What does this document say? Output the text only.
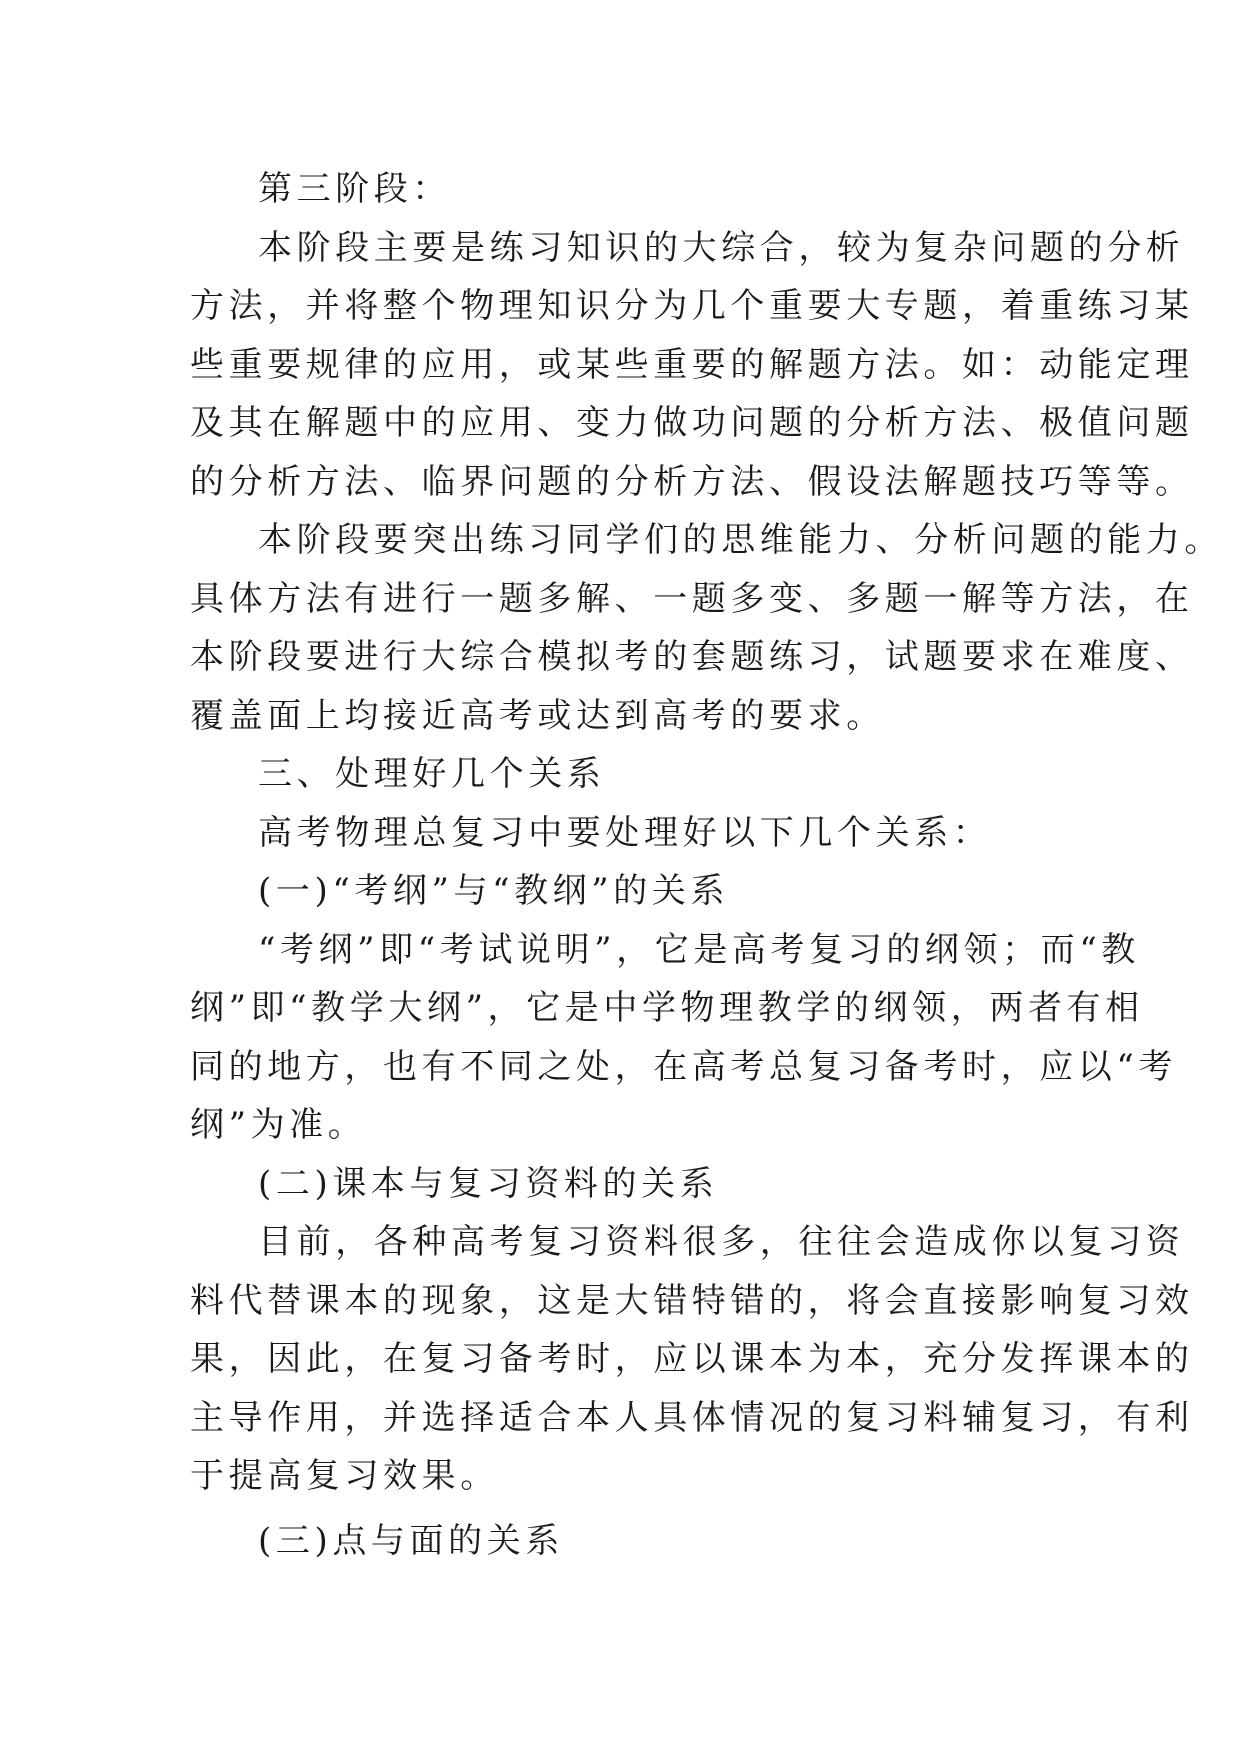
第三阶段：
本阶段主要是练习知识的大综合，较为复杂问题的分析
方法，并将整个物理知识分为几个重要大专题，着重练习某
些重要规律的应用，或某些重要的解题方法。如：动能定理
及其在解题中的应用、变力做功问题的分析方法、极值问题
的分析方法、临界问题的分析方法、假设法解题技巧等等。
本阶段要突出练习同学们的思维能力、分析问题的能力。
具体方法有进行一题多解、一题多变、多题一解等方法，在
本阶段要进行大综合模拟考的套题练习，试题要求在难度、
覆盖面上均接近高考或达到高考的要求。
三、处理好几个关系
高考物理总复习中要处理好以下几个关系：
(一)“考纲”与“教纲”的关系
“考纲”即“考试说明”，它是高考复习的纲领；而“教
纲”即“教学大纲”，它是中学物理教学的纲领，两者有相
同的地方，也有不同之处，在高考总复习备考时，应以“考
纲”为准。
(二)课本与复习资料的关系
目前，各种高考复习资料很多，往往会造成你以复习资
料代替课本的现象，这是大错特错的，将会直接影响复习效
果，因此，在复习备考时，应以课本为本，充分发挥课本的
主导作用，并选择适合本人具体情况的复习料辅复习，有利
于提高复习效果。
(三)点与面的关系
